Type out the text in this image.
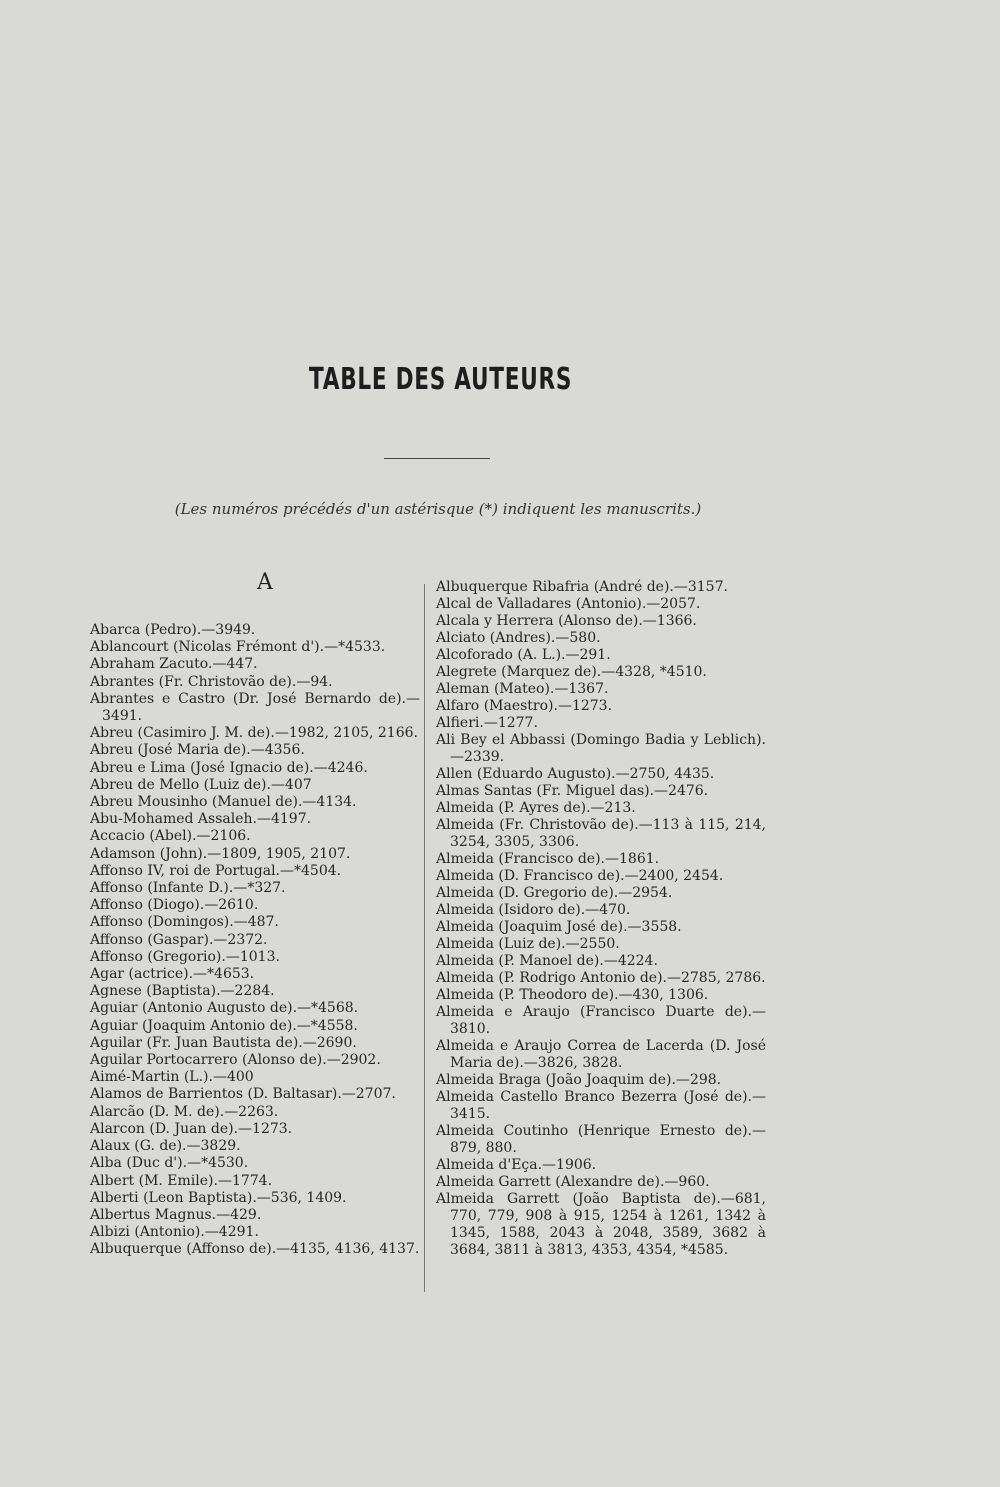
TABLE DES AUTEURS
(Les numéros précédés d'un astérisque (*) indiquent les manuscrits.)
A
Abarca (Pedro).—3949.
Ablancourt (Nicolas Frémont d').—*4533.
Abraham Zacuto.—447.
Abrantes (Fr. Christovão de).—94.
Abrantes e Castro (Dr. José Bernardo de).— 3491.
Abreu (Casimiro J. M. de).—1982, 2105, 2166.
Abreu (José Maria de).—4356.
Abreu e Lima (José Ignacio de).—4246.
Abreu de Mello (Luiz de).—407
Abreu Mousinho (Manuel de).—4134.
Abu-Mohamed Assaleh.—4197.
Accacio (Abel).—2106.
Adamson (John).—1809, 1905, 2107.
Affonso IV, roi de Portugal.—*4504.
Affonso (Infante D.).—*327.
Affonso (Diogo).—2610.
Affonso (Domingos).—487.
Affonso (Gaspar).—2372.
Affonso (Gregorio).—1013.
Agar (actrice).—*4653.
Agnese (Baptista).—2284.
Aguiar (Antonio Augusto de).—*4568.
Aguiar (Joaquim Antonio de).—*4558.
Aguilar (Fr. Juan Bautista de).—2690.
Aguilar Portocarrero (Alonso de).—2902.
Aimé-Martin (L.).—400
Alamos de Barrientos (D. Baltasar).—2707.
Alarcão (D. M. de).—2263.
Alarcon (D. Juan de).—1273.
Alaux (G. de).—3829.
Alba (Duc d').—*4530.
Albert (M. Emile).—1774.
Alberti (Leon Baptista).—536, 1409.
Albertus Magnus.—429.
Albizi (Antonio).—4291.
Albuquerque (Affonso de).—4135, 4136, 4137.
Albuquerque Ribafria (André de).—3157.
Alcal de Valladares (Antonio).—2057.
Alcala y Herrera (Alonso de).—1366.
Alciato (Andres).—580.
Alcoforado (A. L.).—291.
Alegrete (Marquez de).—4328, *4510.
Aleman (Mateo).—1367.
Alfaro (Maestro).—1273.
Alfieri.—1277.
Ali Bey el Abbassi (Domingo Badia y Leblich).—2339.
Allen (Eduardo Augusto).—2750, 4435.
Almas Santas (Fr. Miguel das).—2476.
Almeida (P. Ayres de).—213.
Almeida (Fr. Christovão de).—113 à 115, 214, 3254, 3305, 3306.
Almeida (Francisco de).—1861.
Almeida (D. Francisco de).—2400, 2454.
Almeida (D. Gregorio de).—2954.
Almeida (Isidoro de).—470.
Almeida (Joaquim José de).—3558.
Almeida (Luiz de).—2550.
Almeida (P. Manoel de).—4224.
Almeida (P. Rodrigo Antonio de).—2785, 2786.
Almeida (P. Theodoro de).—430, 1306.
Almeida e Araujo (Francisco Duarte de).— 3810.
Almeida e Araujo Correa de Lacerda (D. José Maria de).—3826, 3828.
Almeida Braga (João Joaquim de).—298.
Almeida Castello Branco Bezerra (José de).— 3415.
Almeida Coutinho (Henrique Ernesto de).— 879, 880.
Almeida d'Eça.—1906.
Almeida Garrett (Alexandre de).—960.
Almeida Garrett (João Baptista de).—681, 770, 779, 908 à 915, 1254 à 1261, 1342 à 1345, 1588, 2043 à 2048, 3589, 3682 à 3684, 3811 à 3813, 4353, 4354, *4585.
